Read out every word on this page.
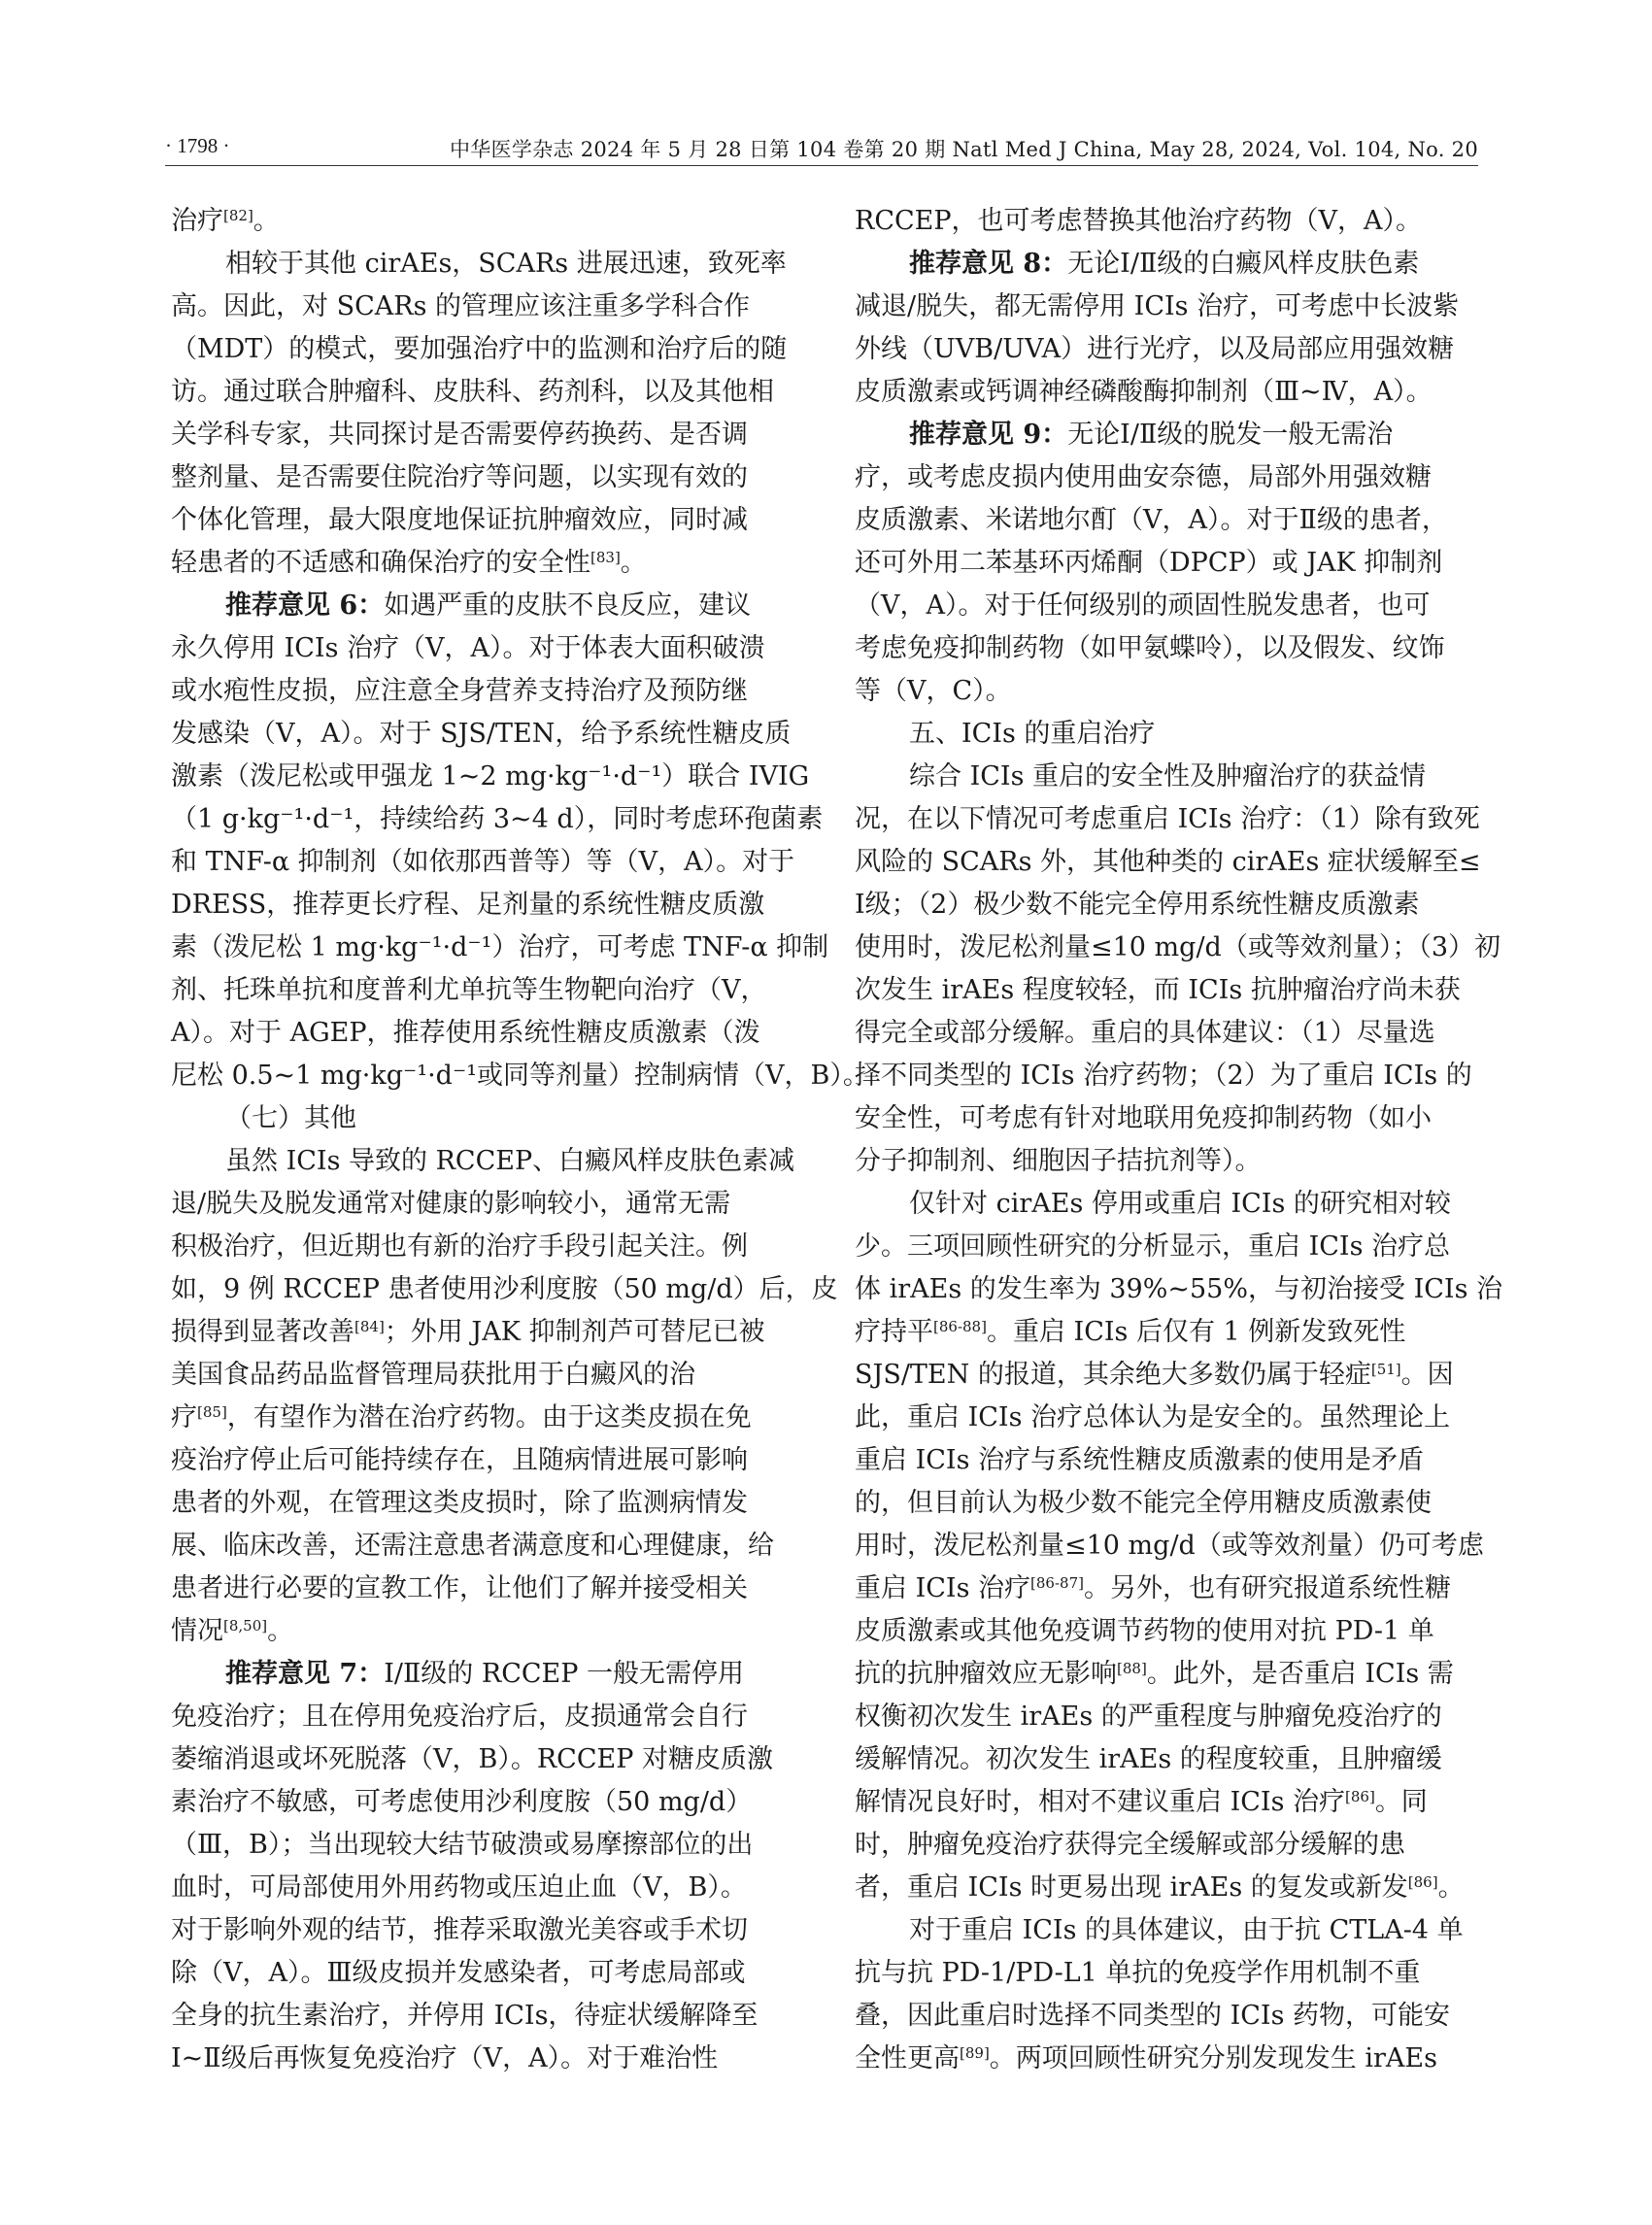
· 1798 ·	中华医学杂志 2024 年 5 月 28 日第 104 卷第 20 期 Natl Med J China, May 28, 2024, Vol. 104, No. 20
治疗[82]。
相较于其他 cirAEs，SCARs 进展迅速，致死率
高。因此，对 SCARs 的管理应该注重多学科合作
（MDT）的模式，要加强治疗中的监测和治疗后的随
访。通过联合肿瘤科、皮肤科、药剂科，以及其他相
关学科专家，共同探讨是否需要停药换药、是否调
整剂量、是否需要住院治疗等问题，以实现有效的
个体化管理，最大限度地保证抗肿瘤效应，同时减
轻患者的不适感和确保治疗的安全性[83]。
推荐意见 6：如遇严重的皮肤不良反应，建议
永久停用 ICIs 治疗（Ⅴ，A）。对于体表大面积破溃
或水疱性皮损，应注意全身营养支持治疗及预防继
发感染（Ⅴ，A）。对于 SJS/TEN，给予系统性糖皮质
激素（泼尼松或甲强龙 1~2 mg·kg⁻¹·d⁻¹）联合 IVIG
（1 g·kg⁻¹·d⁻¹，持续给药 3~4 d），同时考虑环孢菌素
和 TNF-α 抑制剂（如依那西普等）等（Ⅴ，A）。对于
DRESS，推荐更长疗程、足剂量的系统性糖皮质激
素（泼尼松 1 mg·kg⁻¹·d⁻¹）治疗，可考虑 TNF-α 抑制
剂、托珠单抗和度普利尤单抗等生物靶向治疗（Ⅴ，
A）。对于 AGEP，推荐使用系统性糖皮质激素（泼
尼松 0.5~1 mg·kg⁻¹·d⁻¹或同等剂量）控制病情（Ⅴ，B）。
（七）其他
虽然 ICIs 导致的 RCCEP、白癜风样皮肤色素减
退/脱失及脱发通常对健康的影响较小，通常无需
积极治疗，但近期也有新的治疗手段引起关注。例
如，9 例 RCCEP 患者使用沙利度胺（50 mg/d）后，皮
损得到显著改善[84]；外用 JAK 抑制剂芦可替尼已被
美国食品药品监督管理局获批用于白癜风的治
疗[85]，有望作为潜在治疗药物。由于这类皮损在免
疫治疗停止后可能持续存在，且随病情进展可影响
患者的外观，在管理这类皮损时，除了监测病情发
展、临床改善，还需注意患者满意度和心理健康，给
患者进行必要的宣教工作，让他们了解并接受相关
情况[8,50]。
推荐意见 7：Ⅰ/Ⅱ级的 RCCEP 一般无需停用
免疫治疗；且在停用免疫治疗后，皮损通常会自行
萎缩消退或坏死脱落（Ⅴ，B）。RCCEP 对糖皮质激
素治疗不敏感，可考虑使用沙利度胺（50 mg/d）
（Ⅲ，B）；当出现较大结节破溃或易摩擦部位的出
血时，可局部使用外用药物或压迫止血（Ⅴ，B）。
对于影响外观的结节，推荐采取激光美容或手术切
除（Ⅴ，A）。Ⅲ级皮损并发感染者，可考虑局部或
全身的抗生素治疗，并停用 ICIs，待症状缓解降至
Ⅰ~Ⅱ级后再恢复免疫治疗（Ⅴ，A）。对于难治性
RCCEP，也可考虑替换其他治疗药物（Ⅴ，A）。
推荐意见 8：无论Ⅰ/Ⅱ级的白癜风样皮肤色素
减退/脱失，都无需停用 ICIs 治疗，可考虑中长波紫
外线（UVB/UVA）进行光疗，以及局部应用强效糖
皮质激素或钙调神经磷酸酶抑制剂（Ⅲ~Ⅳ，A）。
推荐意见 9：无论Ⅰ/Ⅱ级的脱发一般无需治
疗，或考虑皮损内使用曲安奈德，局部外用强效糖
皮质激素、米诺地尔酊（Ⅴ，A）。对于Ⅱ级的患者，
还可外用二苯基环丙烯酮（DPCP）或 JAK 抑制剂
（Ⅴ，A）。对于任何级别的顽固性脱发患者，也可
考虑免疫抑制药物（如甲氨蝶呤），以及假发、纹饰
等（Ⅴ，C）。
五、ICIs 的重启治疗
综合 ICIs 重启的安全性及肿瘤治疗的获益情
况，在以下情况可考虑重启 ICIs 治疗：（1）除有致死
风险的 SCARs 外，其他种类的 cirAEs 症状缓解至≤
Ⅰ级；（2）极少数不能完全停用系统性糖皮质激素
使用时，泼尼松剂量≤10 mg/d（或等效剂量）；（3）初
次发生 irAEs 程度较轻，而 ICIs 抗肿瘤治疗尚未获
得完全或部分缓解。重启的具体建议：（1）尽量选
择不同类型的 ICIs 治疗药物；（2）为了重启 ICIs 的
安全性，可考虑有针对地联用免疫抑制药物（如小
分子抑制剂、细胞因子拮抗剂等）。
仅针对 cirAEs 停用或重启 ICIs 的研究相对较
少。三项回顾性研究的分析显示，重启 ICIs 治疗总
体 irAEs 的发生率为 39%~55%，与初治接受 ICIs 治
疗持平[86-88]。重启 ICIs 后仅有 1 例新发致死性
SJS/TEN 的报道，其余绝大多数仍属于轻症[51]。因
此，重启 ICIs 治疗总体认为是安全的。虽然理论上
重启 ICIs 治疗与系统性糖皮质激素的使用是矛盾
的，但目前认为极少数不能完全停用糖皮质激素使
用时，泼尼松剂量≤10 mg/d（或等效剂量）仍可考虑
重启 ICIs 治疗[86-87]。另外，也有研究报道系统性糖
皮质激素或其他免疫调节药物的使用对抗 PD-1 单
抗的抗肿瘤效应无影响[88]。此外，是否重启 ICIs 需
权衡初次发生 irAEs 的严重程度与肿瘤免疫治疗的
缓解情况。初次发生 irAEs 的程度较重，且肿瘤缓
解情况良好时，相对不建议重启 ICIs 治疗[86]。同
时，肿瘤免疫治疗获得完全缓解或部分缓解的患
者，重启 ICIs 时更易出现 irAEs 的复发或新发[86]。
对于重启 ICIs 的具体建议，由于抗 CTLA-4 单
抗与抗 PD-1/PD-L1 单抗的免疫学作用机制不重
叠，因此重启时选择不同类型的 ICIs 药物，可能安
全性更高[89]。两项回顾性研究分别发现发生 irAEs
